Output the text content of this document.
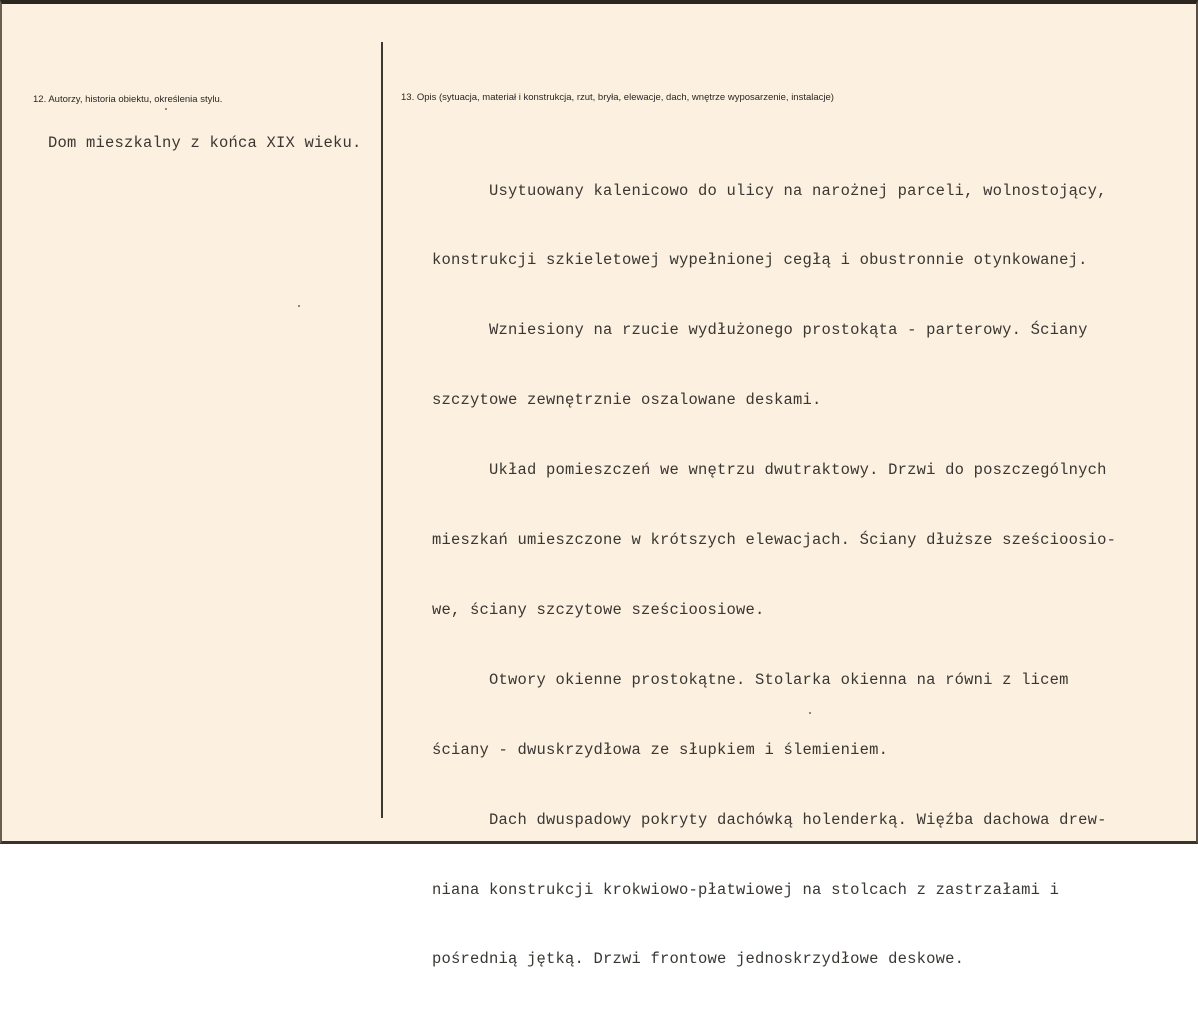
12. Autorzy, historia obiektu, określenia stylu.
Dom mieszkalny z końca XIX wieku.
13. Opis (sytuacja, materiał i konstrukcja, rzut, bryła, elewacje, dach, wnętrze wyposarzenie, instalacje)

Usytuowany kalenicowo do ulicy na narożnej parceli, wolnostojący,

konstrukcji szkieletowej wypełnionej cegłą i obustronnie otynkowanej.

Wzniesiony na rzucie wydłużonego prostokąta - parterowy. Ściany

szczytowe zewnętrznie oszalowane deskami.

Układ pomieszczeń we wnętrzu dwutraktowy. Drzwi do poszczególnych

mieszkań umieszczone w krótszych elewacjach. Ściany dłuższe sześcioosio-

we, ściany szczytowe sześcioosiowe.

Otwory okienne prostokątne. Stolarka okienna na równi z licem

ściany - dwuskrzydłowa ze słupkiem i ślemieniem.

Dach dwuspadowy pokryty dachówką holenderką. Więźba dachowa drew-

niana konstrukcji krokwiowo-płatwiowej na stolcach z zastrzałami i

pośrednią jętką. Drzwi frontowe jednoskrzydłowe deskowe.
